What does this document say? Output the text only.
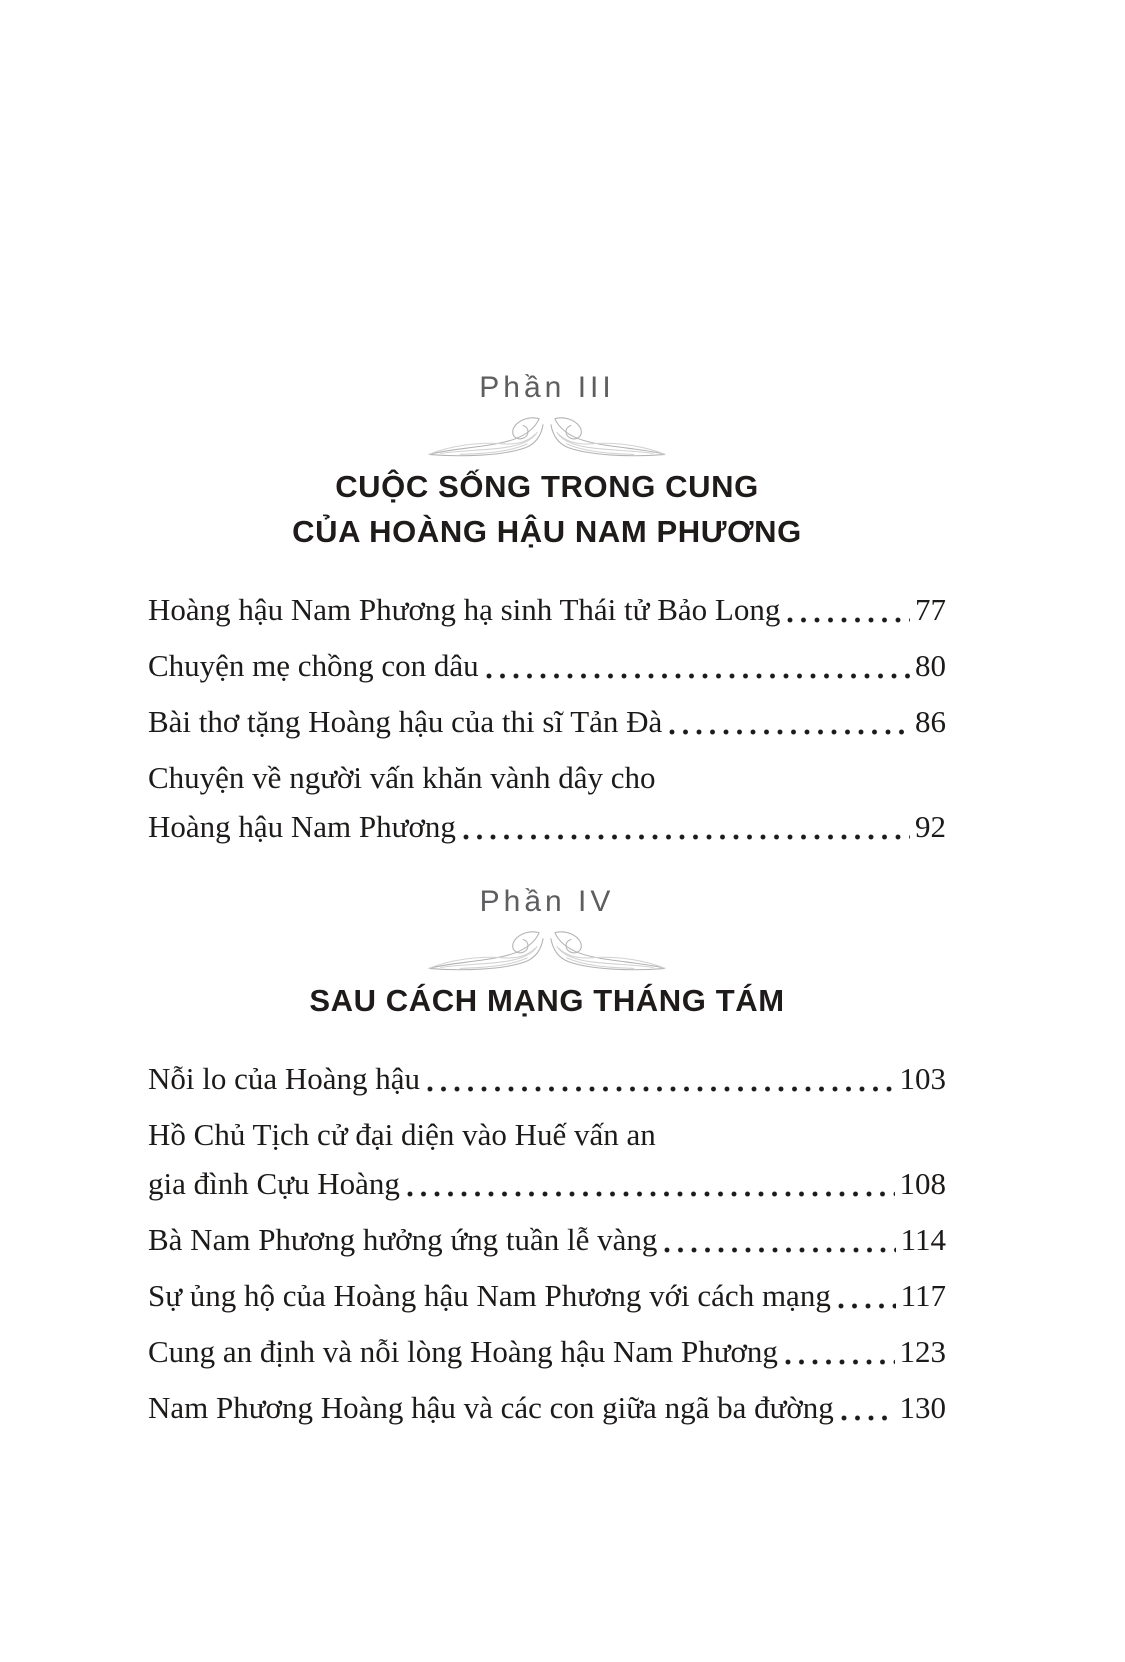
Phần III
CUỘC SỐNG TRONG CUNG
CỦA HOÀNG HẬU NAM PHƯƠNG
Hoàng hậu Nam Phương hạ sinh Thái tử Bảo Long	77
Chuyện mẹ chồng con dâu	80
Bài thơ tặng Hoàng hậu của thi sĩ Tản Đà	86
Chuyện về người vấn khăn vành dây cho
Hoàng hậu Nam Phương	92
Phần IV
SAU CÁCH MẠNG THÁNG TÁM
Nỗi lo của Hoàng hậu	103
Hồ Chủ Tịch cử đại diện vào Huế vấn an
gia đình Cựu Hoàng	108
Bà Nam Phương hưởng ứng tuần lễ vàng	114
Sự ủng hộ của Hoàng hậu Nam Phương với cách mạng 117
Cung an định và nỗi lòng Hoàng hậu Nam Phương	123
Nam Phương Hoàng hậu và các con giữa ngã ba đường 130
